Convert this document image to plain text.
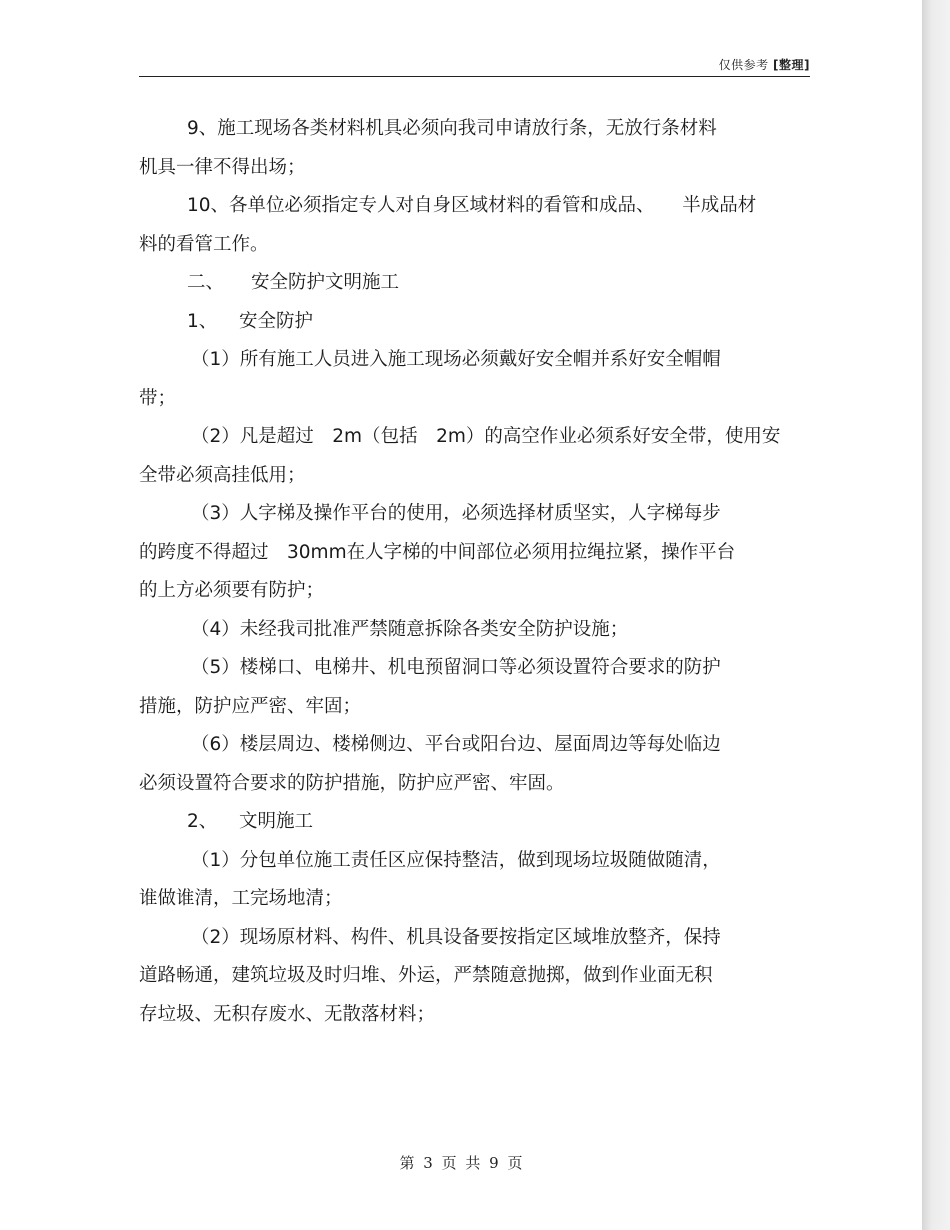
仅供参考 [整理]

9、施工现场各类材料机具必须向我司申请放行条，无放行条材料

机具一律不得出场；

10、各单位必须指定专人对自身区域材料的看管和成品、　　半成品材

料的看管工作。

二、 安全防护文明施工

1、 安全防护

（1）所有施工人员进入施工现场必须戴好安全帽并系好安全帽帽

带；

（2）凡是超过　2m（包括　2m）的高空作业必须系好安全带，使用安

全带必须高挂低用；

（3）人字梯及操作平台的使用，必须选择材质坚实，人字梯每步

的跨度不得超过　30mm在人字梯的中间部位必须用拉绳拉紧，操作平台

的上方必须要有防护；

（4）未经我司批准严禁随意拆除各类安全防护设施；

（5）楼梯口、电梯井、机电预留洞口等必须设置符合要求的防护

措施，防护应严密、牢固；

（6）楼层周边、楼梯侧边、平台或阳台边、屋面周边等每处临边

必须设置符合要求的防护措施，防护应严密、牢固。

2、 文明施工

（1）分包单位施工责任区应保持整洁，做到现场垃圾随做随清，

谁做谁清，工完场地清；

（2）现场原材料、构件、机具设备要按指定区域堆放整齐，保持

道路畅通，建筑垃圾及时归堆、外运，严禁随意抛掷，做到作业面无积

存垃圾、无积存废水、无散落材料；

第 3 页 共 9 页
